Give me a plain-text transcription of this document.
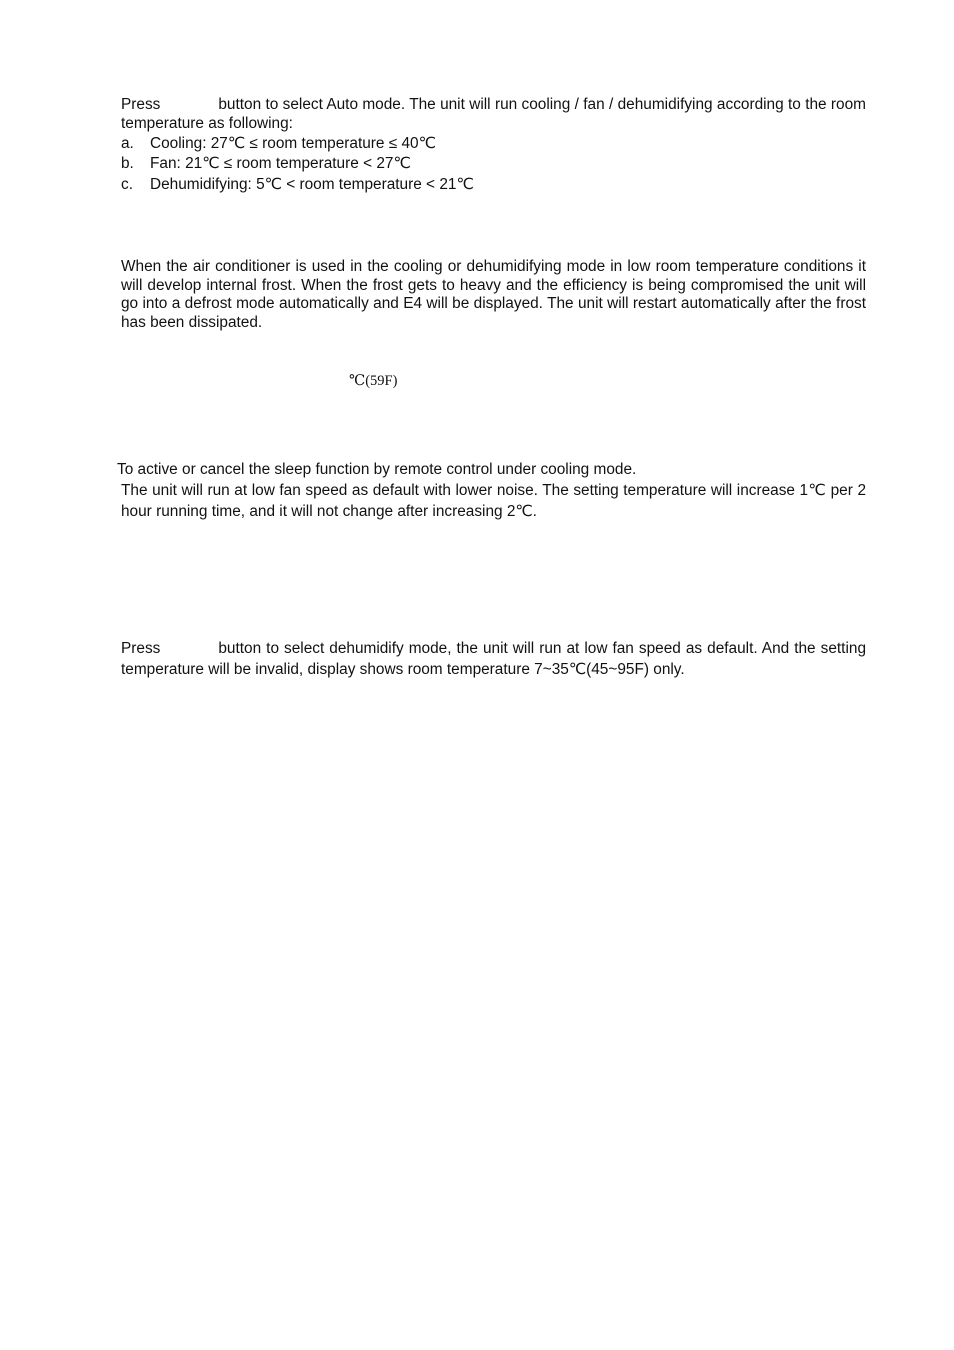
Press	button to select Auto mode. The unit will run cooling / fan / dehumidifying according to the room temperature as following:
a. Cooling: 27℃ ≤ room temperature ≤ 40℃
b. Fan: 21℃ ≤ room temperature < 27℃
c. Dehumidifying: 5℃ < room temperature < 21℃
When the air conditioner is used in the cooling or dehumidifying mode in low room temperature conditions it will develop internal frost. When the frost gets to heavy and the efficiency is being compromised the unit will go into a defrost mode automatically and E4 will be displayed. The unit will restart automatically after the frost has been dissipated.
℃(59F)
To active or cancel the sleep function by remote control under cooling mode.
The unit will run at low fan speed as default with lower noise. The setting temperature will increase 1℃ per 2 hour running time, and it will not change after increasing 2℃.
Press	button to select dehumidify mode, the unit will run at low fan speed as default. And the setting temperature will be invalid, display shows room temperature 7~35℃(45~95F) only.
